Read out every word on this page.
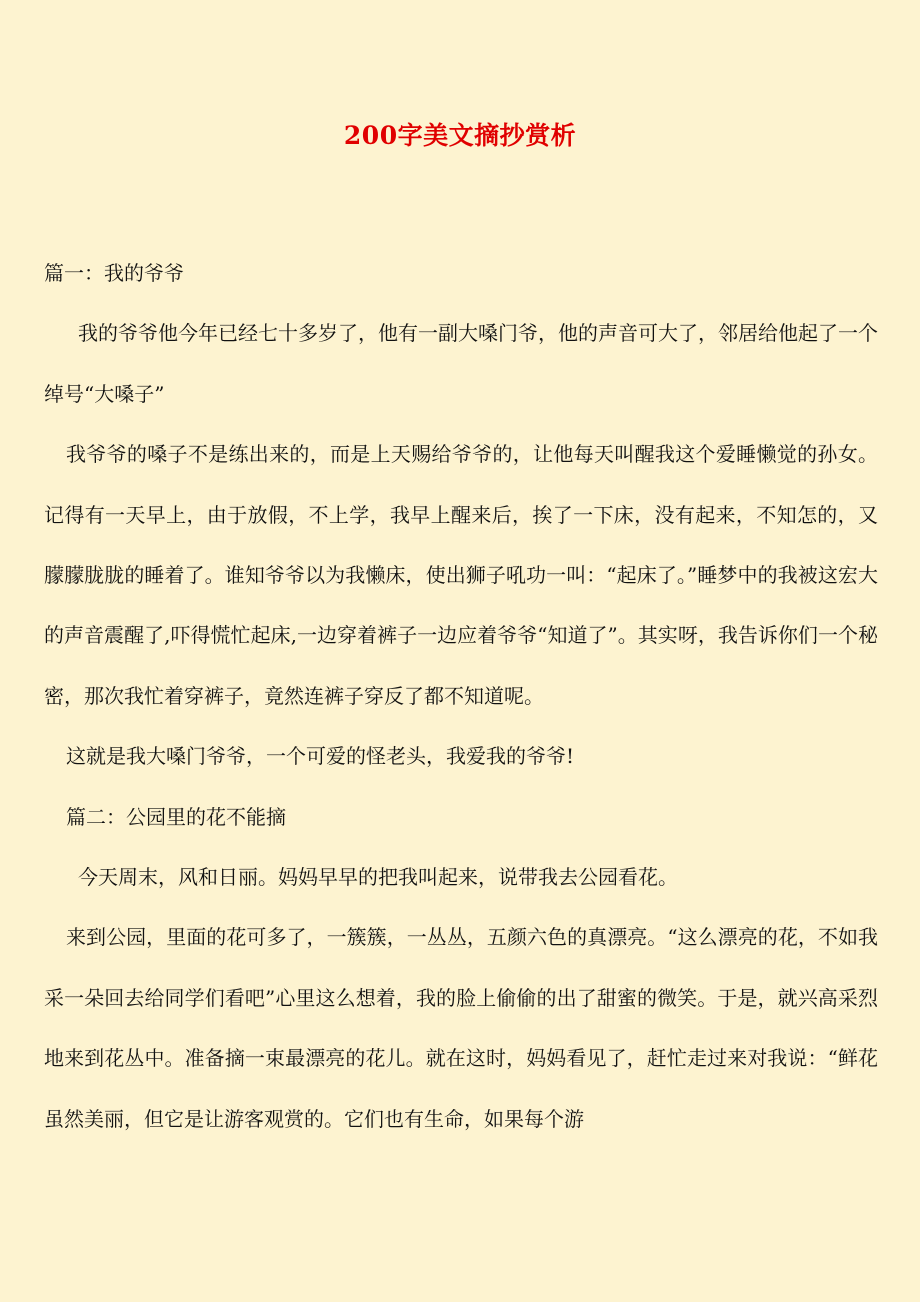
200字美文摘抄赏析

篇一：我的爷爷

我的爷爷他今年已经七十多岁了，他有一副大嗓门爷，他的声音可大了，邻居给他起了一个绰号“大嗓子”

我爷爷的嗓子不是练出来的，而是上天赐给爷爷的，让他每天叫醒我这个爱睡懒觉的孙女。记得有一天早上，由于放假，不上学，我早上醒来后，挨了一下床，没有起来，不知怎的，又朦朦胧胧的睡着了。谁知爷爷以为我懒床，使出狮子吼功一叫：“起床了。”睡梦中的我被这宏大的声音震醒了,吓得慌忙起床,一边穿着裤子一边应着爷爷“知道了”。其实呀，我告诉你们一个秘密，那次我忙着穿裤子，竟然连裤子穿反了都不知道呢。

这就是我大嗓门爷爷，一个可爱的怪老头，我爱我的爷爷!

篇二：公园里的花不能摘

今天周末，风和日丽。妈妈早早的把我叫起来，说带我去公园看花。

来到公园，里面的花可多了，一簇簇，一丛丛，五颜六色的真漂亮。“这么漂亮的花，不如我采一朵回去给同学们看吧”心里这么想着，我的脸上偷偷的出了甜蜜的微笑。于是，就兴高采烈地来到花丛中。准备摘一束最漂亮的花儿。就在这时，妈妈看见了，赶忙走过来对我说：“鲜花虽然美丽，但它是让游客观赏的。它们也有生命，如果每个游
